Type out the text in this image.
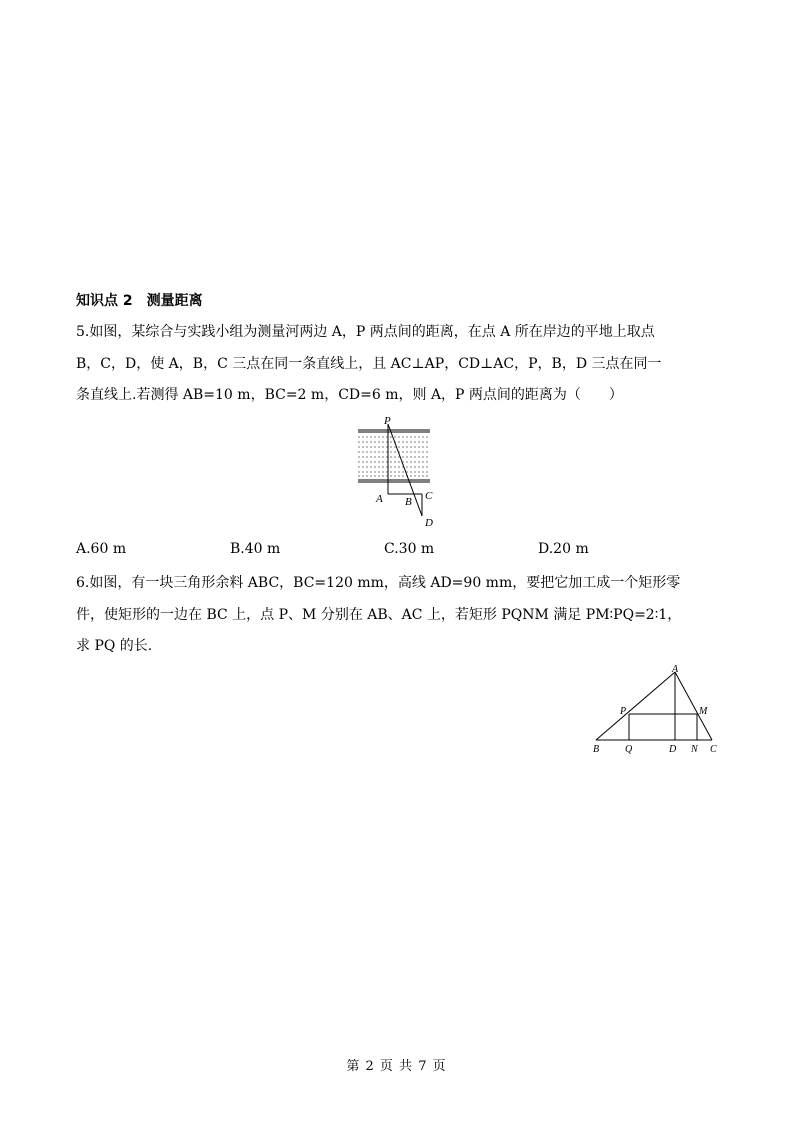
知识点 2　测量距离
5.如图，某综合与实践小组为测量河两边 A，P 两点间的距离，在点 A 所在岸边的平地上取点
B，C，D，使 A，B，C 三点在同一条直线上，且 AC⊥AP，CD⊥AC，P，B，D 三点在同一
条直线上.若测得 AB=10 m，BC=2 m，CD=6 m，则 A，P 两点间的距离为（　　）
P
A B C
D
A.60 m	B.40 m	C.30 m	D.20 m
6.如图，有一块三角形余料 ABC，BC=120 mm，高线 AD=90 mm，要把它加工成一个矩形零
件，使矩形的一边在 BC 上，点 P、M 分别在 AB、AC 上，若矩形 PQNM 满足 PM∶PQ=2∶1，
求 PQ 的长.
A
P	M
B	Q	D N C
第 2 页 共 7 页
